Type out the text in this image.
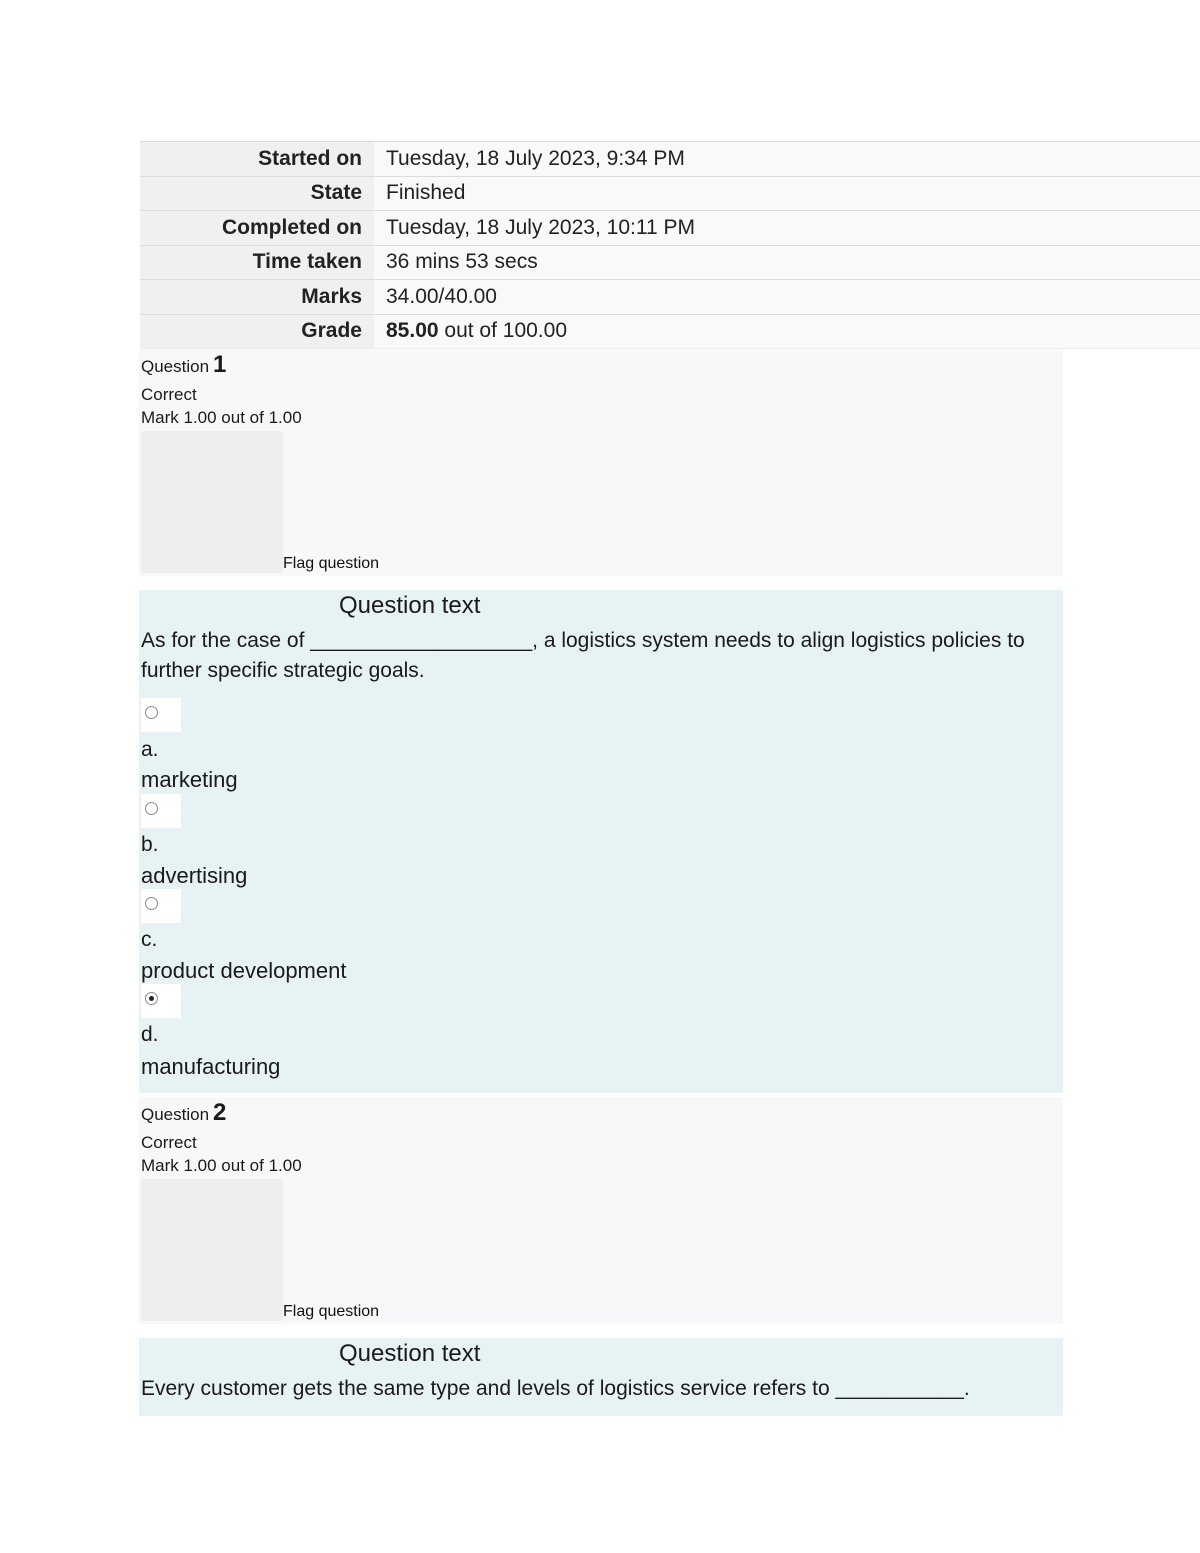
Started on	Tuesday, 18 July 2023, 9:34 PM
State	Finished
Completed on	Tuesday, 18 July 2023, 10:11 PM
Time taken	36 mins 53 secs
Marks	34.00/40.00
Grade	85.00 out of 100.00
Question 1
Correct
Mark 1.00 out of 1.00
Flag question
Question text
As for the case of ___________________, a logistics system needs to align logistics policies to further specific strategic goals.
a.
marketing
b.
advertising
c.
product development
d.
manufacturing
Question 2
Correct
Mark 1.00 out of 1.00
Flag question
Question text
Every customer gets the same type and levels of logistics service refers to ___________.
